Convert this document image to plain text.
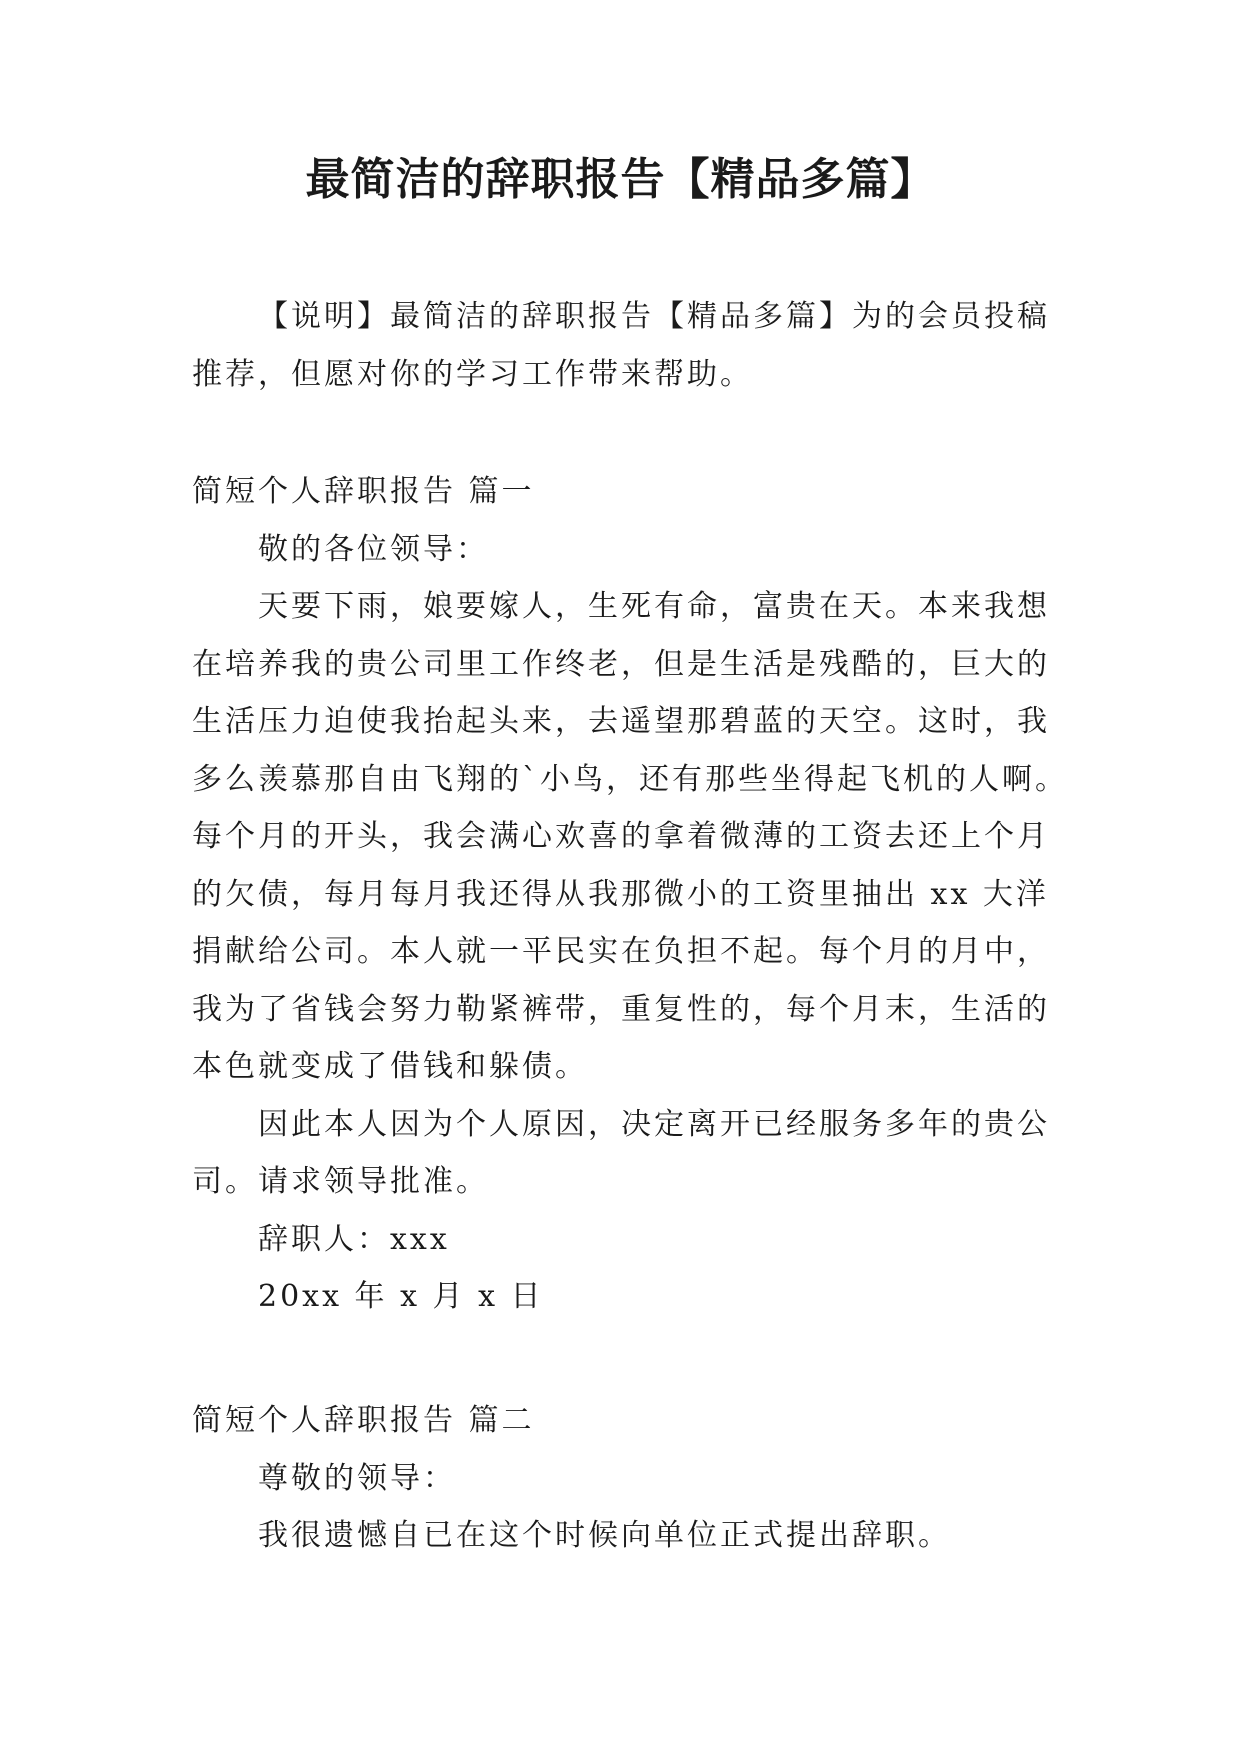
最简洁的辞职报告【精品多篇】

【说明】最简洁的辞职报告【精品多篇】为的会员投稿推荐，但愿对你的学习工作带来帮助。

简短个人辞职报告 篇一

敬的各位领导：

天要下雨，娘要嫁人，生死有命，富贵在天。本来我想在培养我的贵公司里工作终老，但是生活是残酷的，巨大的生活压力迫使我抬起头来，去遥望那碧蓝的天空。这时，我多么羡慕那自由飞翔的`小鸟，还有那些坐得起飞机的人啊。每个月的开头，我会满心欢喜的拿着微薄的工资去还上个月的欠债，每月每月我还得从我那微小的工资里抽出 xx 大洋捐献给公司。本人就一平民实在负担不起。每个月的月中，我为了省钱会努力勒紧裤带，重复性的，每个月末，生活的本色就变成了借钱和躲债。

因此本人因为个人原因，决定离开已经服务多年的贵公司。请求领导批准。

辞职人：xxx

20xx 年 x 月 x 日

简短个人辞职报告 篇二

尊敬的领导：

我很遗憾自已在这个时候向单位正式提出辞职。
